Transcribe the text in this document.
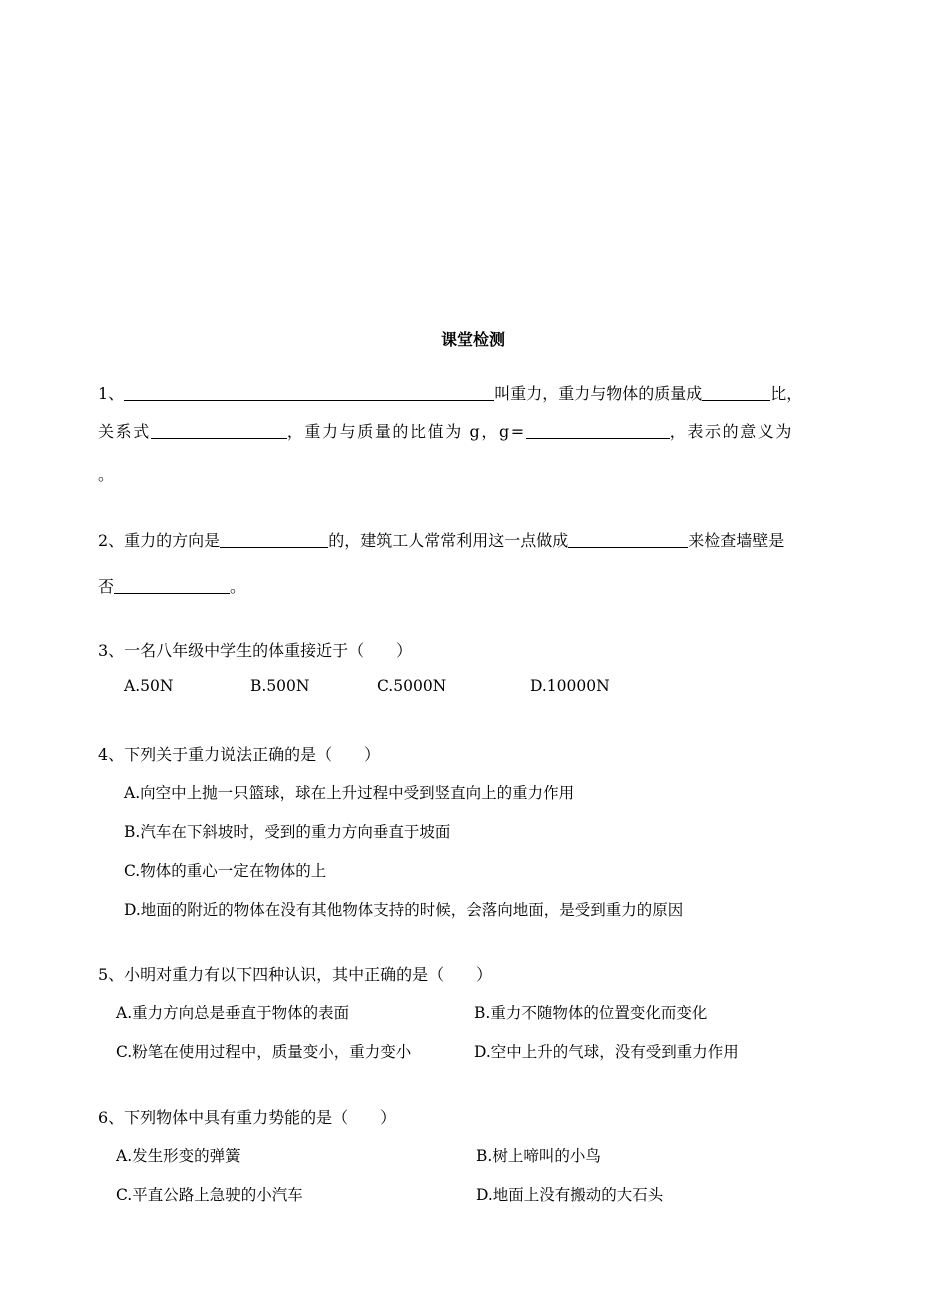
课堂检测
1、	叫重力，重力与物体的质量成	比，
关系式	，重力与质量的比值为 g，g=	，表示的意义为
。
2、重力的方向是	的，建筑工人常常利用这一点做成	来检查墙壁是
否	。
3、一名八年级中学生的体重接近于（　　）
A.50N	B.500N	C.5000N	D.10000N
4、下列关于重力说法正确的是（　　）
A.向空中上抛一只篮球，球在上升过程中受到竖直向上的重力作用
B.汽车在下斜坡时，受到的重力方向垂直于坡面
C.物体的重心一定在物体的上
D.地面的附近的物体在没有其他物体支持的时候，会落向地面，是受到重力的原因
5、小明对重力有以下四种认识，其中正确的是（　　）
A.重力方向总是垂直于物体的表面	B.重力不随物体的位置变化而变化
C.粉笔在使用过程中，质量变小，重力变小	D.空中上升的气球，没有受到重力作用
6、下列物体中具有重力势能的是（　　）
A.发生形变的弹簧	B.树上啼叫的小鸟
C.平直公路上急驶的小汽车	D.地面上没有搬动的大石头
